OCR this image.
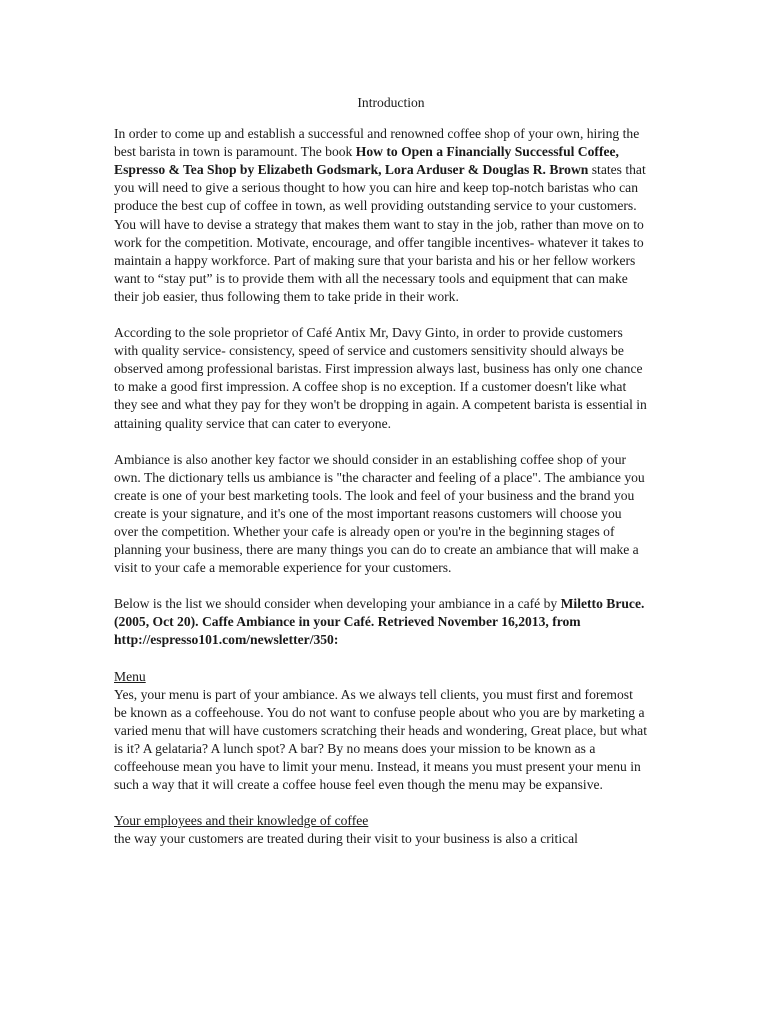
Introduction

In order to come up and establish a successful and renowned coffee shop of your own, hiring the best barista in town is paramount. The book How to Open a Financially Successful Coffee, Espresso & Tea Shop by Elizabeth Godsmark, Lora Arduser & Douglas R. Brown states that you will need to give a serious thought to how you can hire and keep top-notch baristas who can produce the best cup of coffee in town, as well providing outstanding service to your customers. You will have to devise a strategy that makes them want to stay in the job, rather than move on to work for the competition. Motivate, encourage, and offer tangible incentives- whatever it takes to maintain a happy workforce. Part of making sure that your barista and his or her fellow workers want to “stay put” is to provide them with all the necessary tools and equipment that can make their job easier, thus following them to take pride in their work.

According to the sole proprietor of Café Antix Mr, Davy Ginto, in order to provide customers with quality service- consistency, speed of service and customers sensitivity should always be observed among professional baristas. First impression always last, business has only one chance to make a good first impression. A coffee shop is no exception. If a customer doesn't like what they see and what they pay for they won't be dropping in again. A competent barista is essential in attaining quality service that can cater to everyone.

Ambiance is also another key factor we should consider in an establishing coffee shop of your own. The dictionary tells us ambiance is "the character and feeling of a place". The ambiance you create is one of your best marketing tools. The look and feel of your business and the brand you create is your signature, and it's one of the most important reasons customers will choose you over the competition. Whether your cafe is already open or you're in the beginning stages of planning your business, there are many things you can do to create an ambiance that will make a visit to your cafe a memorable experience for your customers.

Below is the list we should consider when developing your ambiance in a café by Miletto Bruce. (2005, Oct 20). Caffe Ambiance in your Café. Retrieved November 16,2013, from http://espresso101.com/newsletter/350:

Menu

Yes, your menu is part of your ambiance. As we always tell clients, you must first and foremost be known as a coffeehouse. You do not want to confuse people about who you are by marketing a varied menu that will have customers scratching their heads and wondering, Great place, but what is it? A gelataria? A lunch spot? A bar? By no means does your mission to be known as a coffeehouse mean you have to limit your menu. Instead, it means you must present your menu in such a way that it will create a coffee house feel even though the menu may be expansive.

Your employees and their knowledge of coffee

the way your customers are treated during their visit to your business is also a critical
